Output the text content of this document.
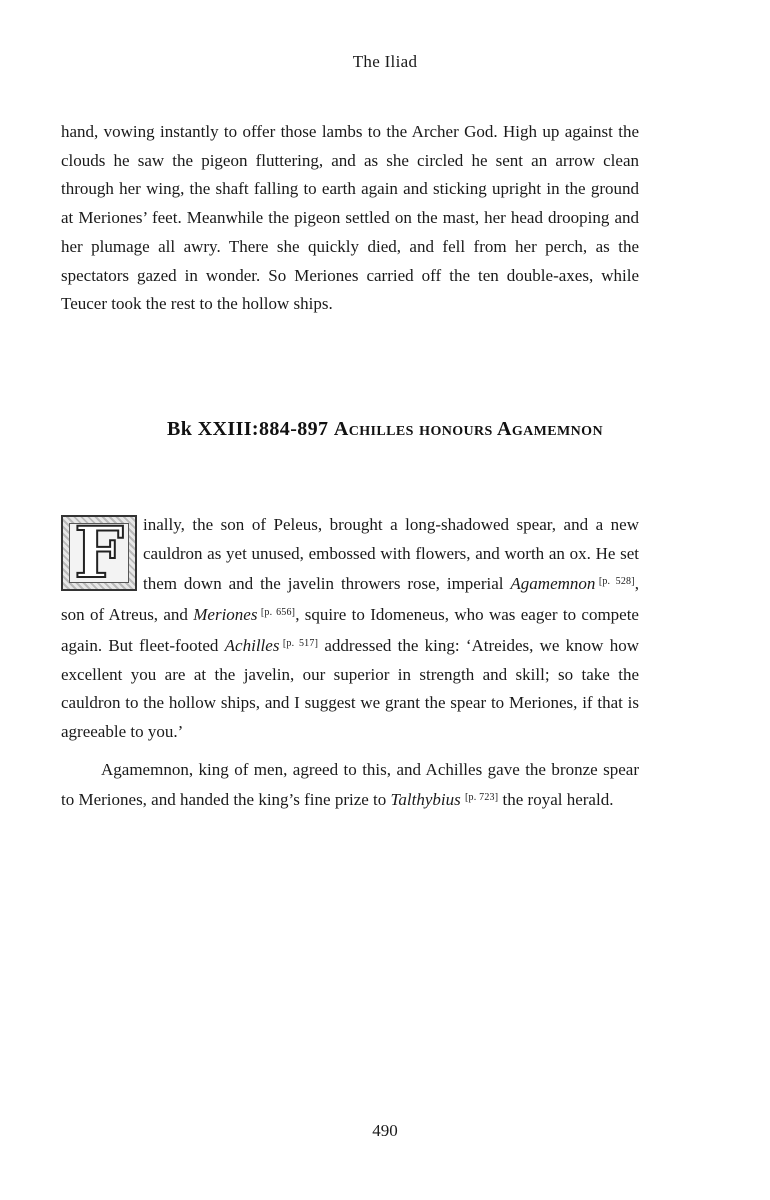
The Iliad

hand, vowing instantly to offer those lambs to the Archer God. High up against the clouds he saw the pigeon fluttering, and as she circled he sent an arrow clean through her wing, the shaft falling to earth again and sticking upright in the ground at Meriones’ feet. Meanwhile the pigeon settled on the mast, her head drooping and her plumage all awry. There she quickly died, and fell from her perch, as the spectators gazed in wonder. So Meriones carried off the ten double-axes, while Teucer took the rest to the hollow ships.

Bk XXIII:884-897 Achilles honours Agamemnon

F	inally, the son of Peleus, brought a long-shadowed spear, and a new cauldron as yet unused, embossed with flowers, and worth an ox. He set them down and the javelin throwers rose, imperial Agamemnon  [p. 528], son of Atreus, and Meriones  [p. 656], squire to Idomeneus, who was eager to compete again. But fleet-footed Achilles  [p. 517] addressed the king: ‘Atreides, we know how excellent you are at the javelin, our superior in strength and skill; so take the cauldron to the hollow ships, and I suggest we grant the spear to Meriones, if that is agreeable to you.’

Agamemnon, king of men, agreed to this, and Achilles gave the bronze spear to Meriones, and handed the king’s fine prize to Talthybius [p. 723] the royal herald.

490
